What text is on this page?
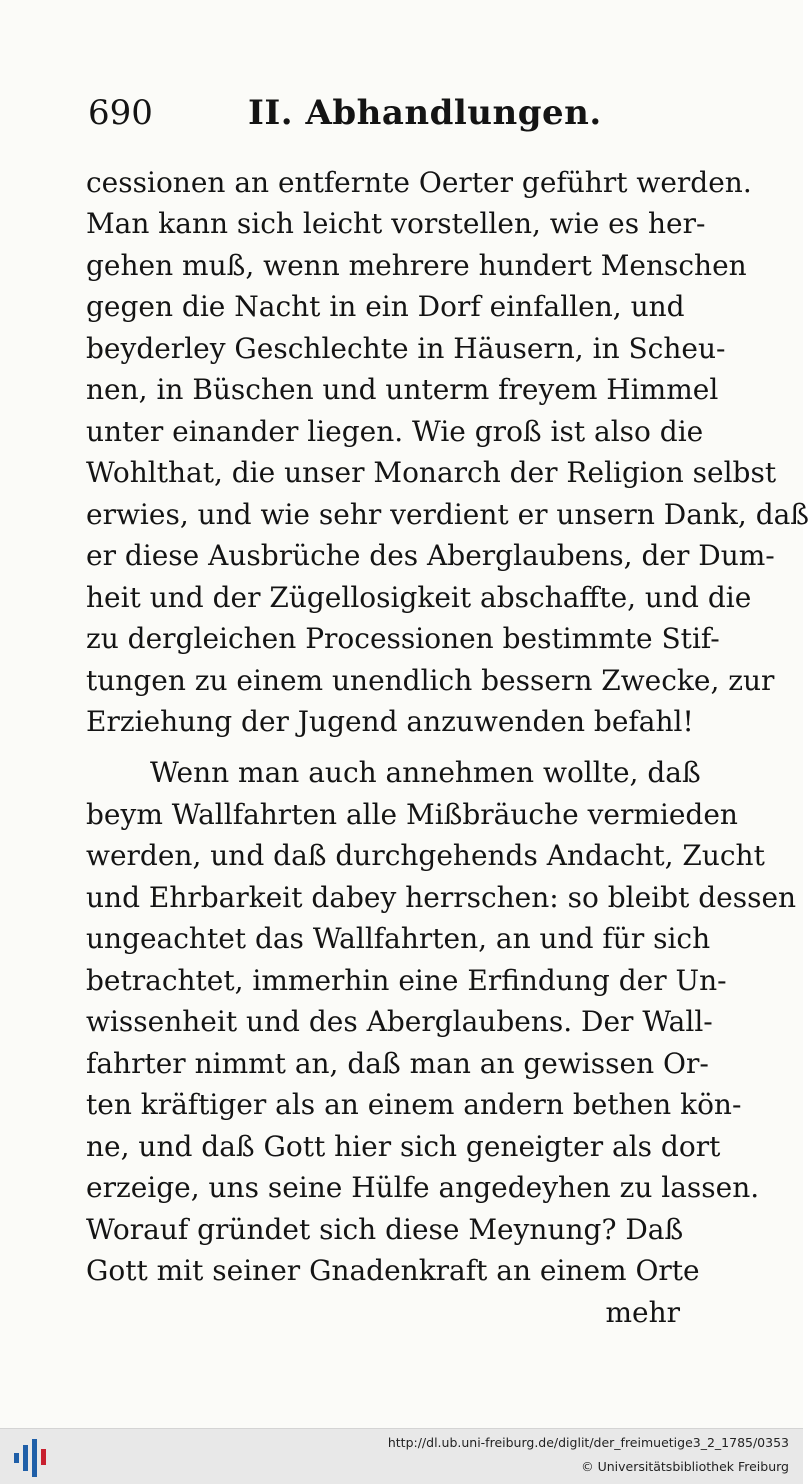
690	II. Abhandlungen.
cessionen an entfernte Oerter geführt werden.
Man kann sich leicht vorstellen, wie es her-
gehen muß, wenn mehrere hundert Menschen
gegen die Nacht in ein Dorf einfallen, und
beyderley Geschlechte in Häusern, in Scheu-
nen, in Büschen und unterm freyem Himmel
unter einander liegen. Wie groß ist also die
Wohlthat, die unser Monarch der Religion selbst
erwies, und wie sehr verdient er unsern Dank, daß
er diese Ausbrüche des Aberglaubens, der Dum-
heit und der Zügellosigkeit abschaffte, und die
zu dergleichen Processionen bestimmte Stif-
tungen zu einem unendlich bessern Zwecke, zur
Erziehung der Jugend anzuwenden befahl!
Wenn man auch annehmen wollte, daß
beym Wallfahrten alle Mißbräuche vermieden
werden, und daß durchgehends Andacht, Zucht
und Ehrbarkeit dabey herrschen: so bleibt dessen
ungeachtet das Wallfahrten, an und für sich
betrachtet, immerhin eine Erfindung der Un-
wissenheit und des Aberglaubens. Der Wall-
fahrter nimmt an, daß man an gewissen Or-
ten kräftiger als an einem andern bethen kön-
ne, und daß Gott hier sich geneigter als dort
erzeige, uns seine Hülfe angedeyhen zu lassen.
Worauf gründet sich diese Meynung? Daß
Gott mit seiner Gnadenkraft an einem Orte
mehr
http://dl.ub.uni-freiburg.de/diglit/der_freimuetige3_2_1785/0353
© Universitätsbibliothek Freiburg
